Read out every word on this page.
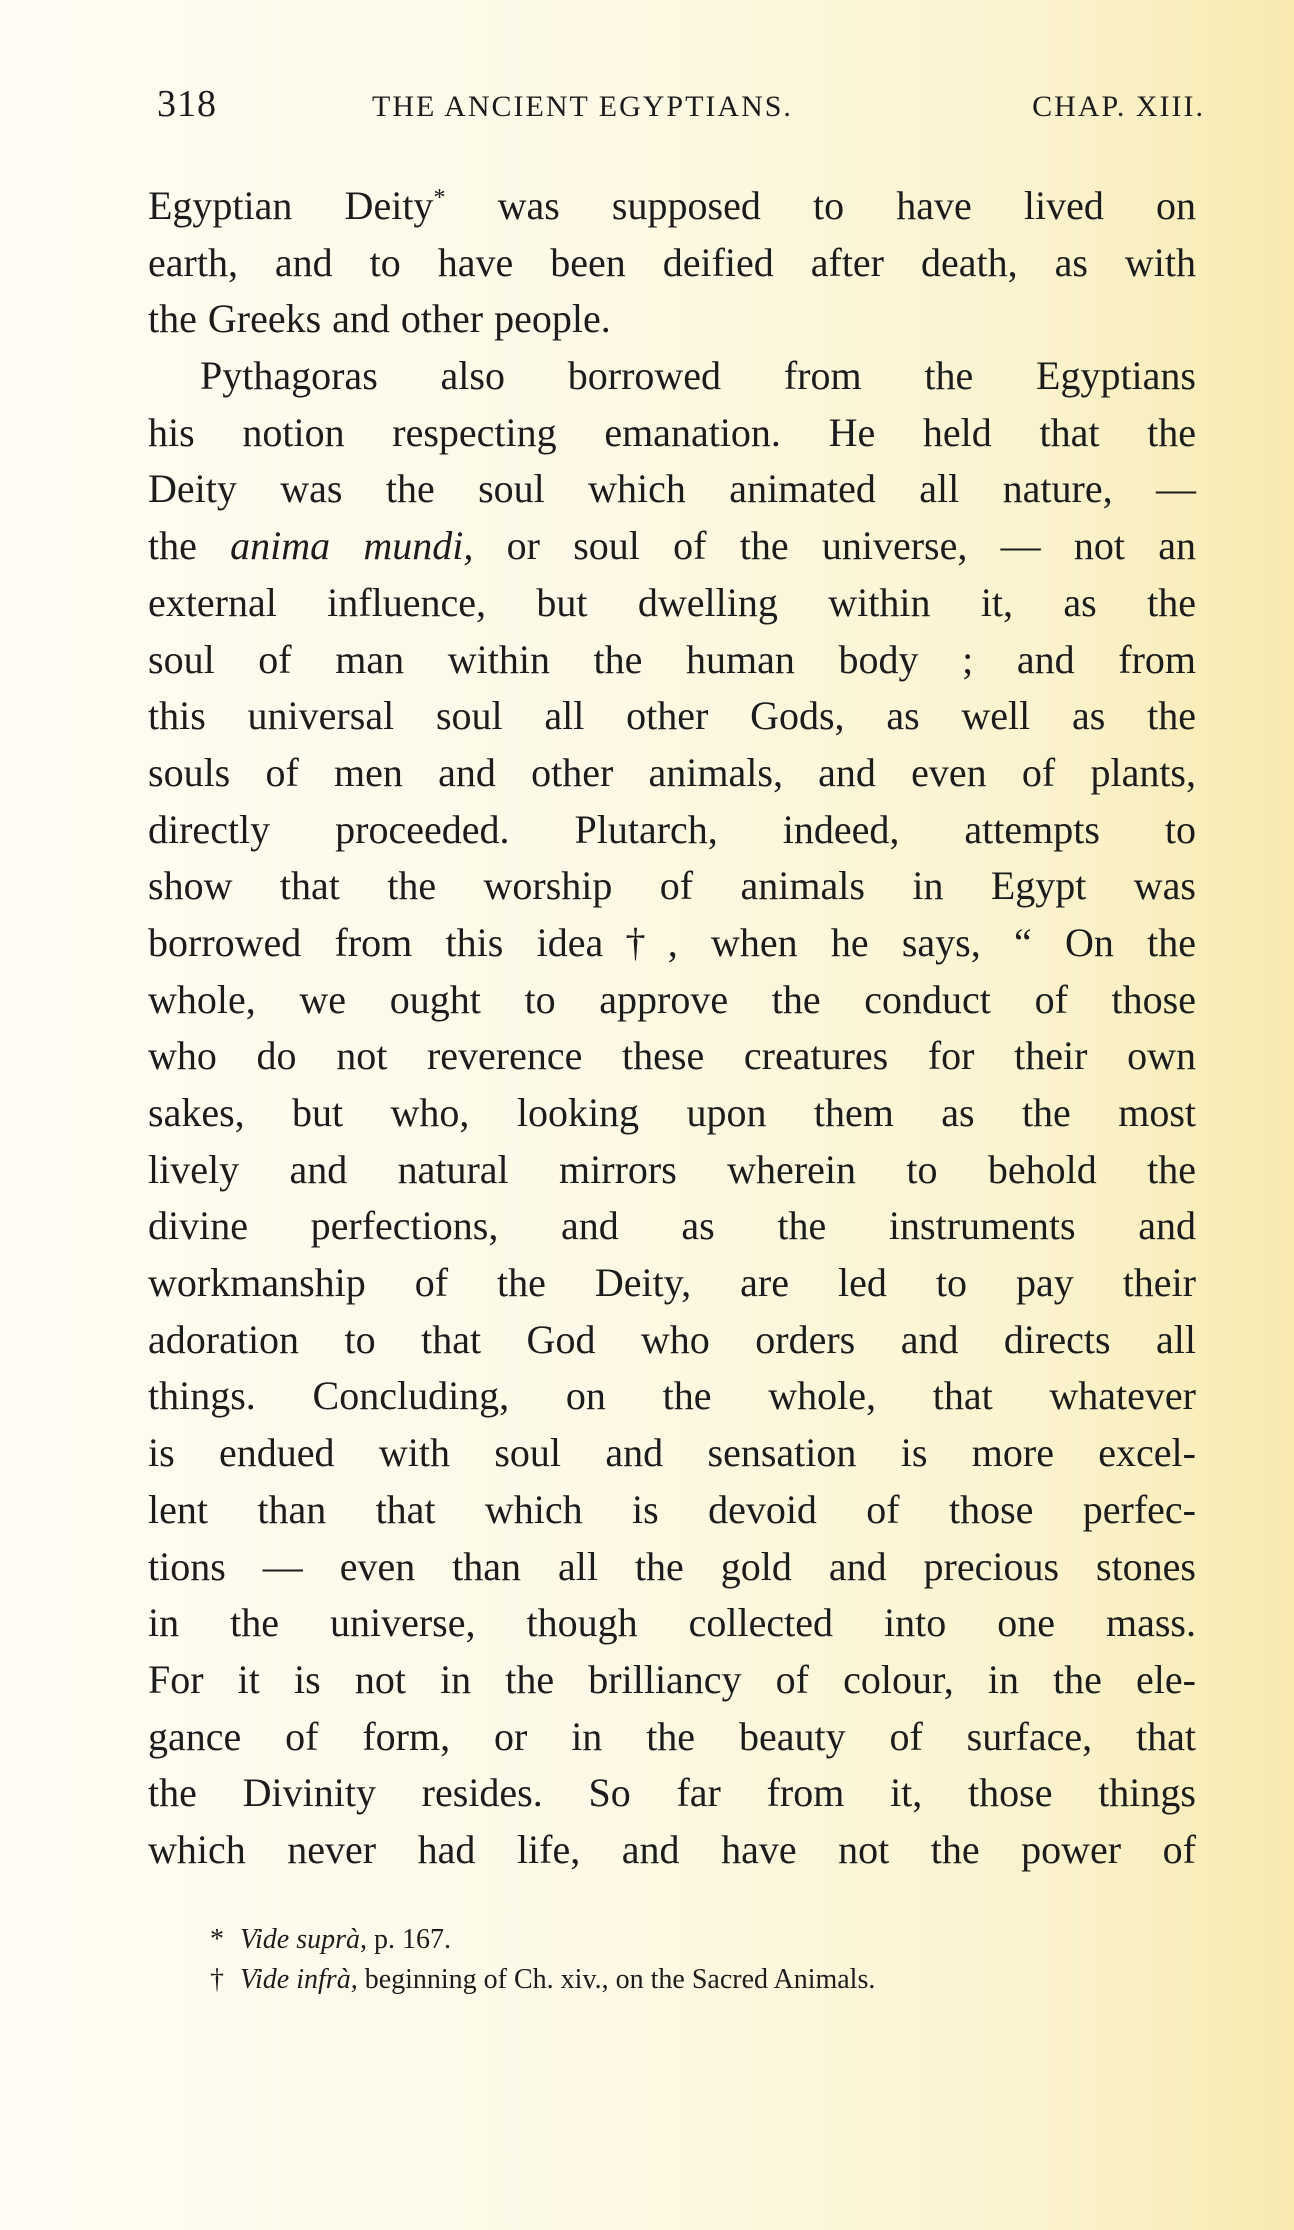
318	THE ANCIENT EGYPTIANS.	CHAP. XIII.
Egyptian Deity* was supposed to have lived on
earth, and to have been deified after death, as with
the Greeks and other people.
Pythagoras also borrowed from the Egyptians
his notion respecting emanation. He held that the
Deity was the soul which animated all nature, —
the anima mundi, or soul of the universe, — not an
external influence, but dwelling within it, as the
soul of man within the human body ; and from
this universal soul all other Gods, as well as the
souls of men and other animals, and even of plants,
directly proceeded. Plutarch, indeed, attempts to
show that the worship of animals in Egypt was
borrowed from this idea†, when he says, “ On the
whole, we ought to approve the conduct of those
who do not reverence these creatures for their own
sakes, but who, looking upon them as the most
lively and natural mirrors wherein to behold the
divine perfections, and as the instruments and
workmanship of the Deity, are led to pay their
adoration to that God who orders and directs all
things. Concluding, on the whole, that whatever
is endued with soul and sensation is more excel-
lent than that which is devoid of those perfec-
tions — even than all the gold and precious stones
in the universe, though collected into one mass.
For it is not in the brilliancy of colour, in the ele-
gance of form, or in the beauty of surface, that
the Divinity resides. So far from it, those things
which never had life, and have not the power of
* Vide suprà, p. 167.
† Vide infrà, beginning of Ch. xiv., on the Sacred Animals.
